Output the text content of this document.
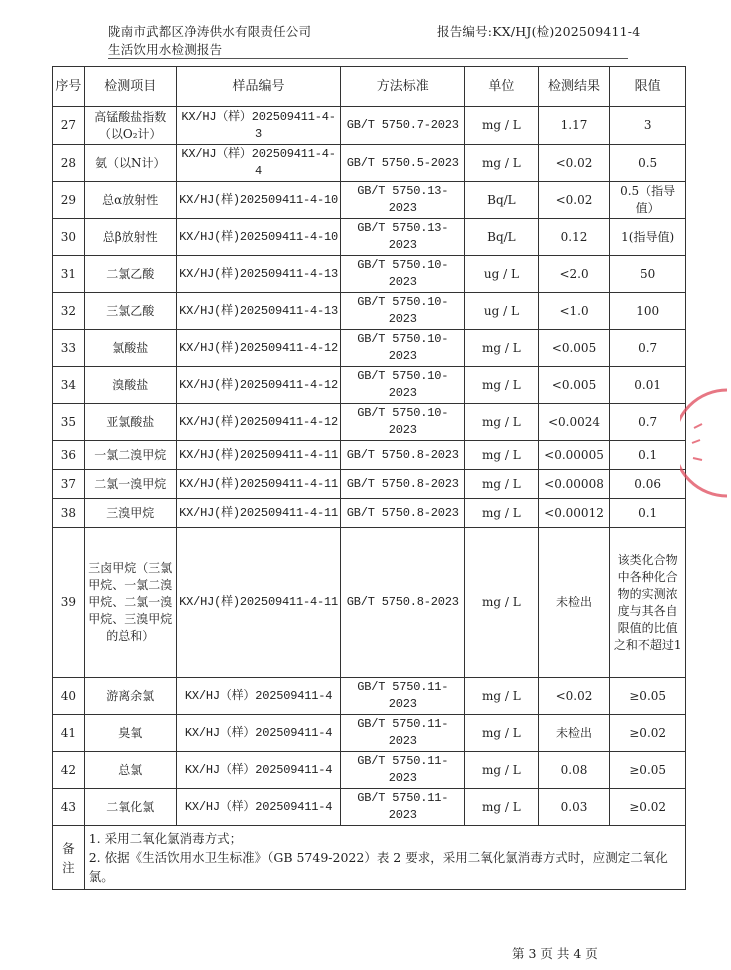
陇南市武都区净涛供水有限责任公司
生活饮用水检测报告
报告编号:KX/HJ(检)202509411-4
序号	检测项目	样品编号	方法标准	单位	检测结果	限值
27	高锰酸盐指数（以O₂计）	KX/HJ（样）202509411-4-3	GB/T 5750.7-2023	mg / L	1.17	3
28	氨（以N计）	KX/HJ（样）202509411-4-4	GB/T 5750.5-2023	mg / L	<0.02	0.5
29	总α放射性	KX/HJ(样)202509411-4-10	GB/T 5750.13-2023	Bq/L	<0.02	0.5（指导值）
30	总β放射性	KX/HJ(样)202509411-4-10	GB/T 5750.13-2023	Bq/L	0.12	1(指导值)
31	二氯乙酸	KX/HJ(样)202509411-4-13	GB/T 5750.10-2023	ug / L	<2.0	50
32	三氯乙酸	KX/HJ(样)202509411-4-13	GB/T 5750.10-2023	ug / L	<1.0	100
33	氯酸盐	KX/HJ(样)202509411-4-12	GB/T 5750.10-2023	mg / L	<0.005	0.7
34	溴酸盐	KX/HJ(样)202509411-4-12	GB/T 5750.10-2023	mg / L	<0.005	0.01
35	亚氯酸盐	KX/HJ(样)202509411-4-12	GB/T 5750.10-2023	mg / L	<0.0024	0.7
36	一氯二溴甲烷	KX/HJ(样)202509411-4-11	GB/T 5750.8-2023	mg / L	<0.00005	0.1
37	二氯一溴甲烷	KX/HJ(样)202509411-4-11	GB/T 5750.8-2023	mg / L	<0.00008	0.06
38	三溴甲烷	KX/HJ(样)202509411-4-11	GB/T 5750.8-2023	mg / L	<0.00012	0.1
39	三卤甲烷（三氯甲烷、一氯二溴甲烷、二氯一溴甲烷、三溴甲烷的总和）	KX/HJ(样)202509411-4-11	GB/T 5750.8-2023	mg / L	未检出	该类化合物中各种化合物的实测浓度与其各自限值的比值之和不超过1
40	游离余氯	KX/HJ（样）202509411-4	GB/T 5750.11-2023	mg / L	<0.02	≥0.05
41	臭氧	KX/HJ（样）202509411-4	GB/T 5750.11-2023	mg / L	未检出	≥0.02
42	总氯	KX/HJ（样）202509411-4	GB/T 5750.11-2023	mg / L	0.08	≥0.05
43	二氧化氯	KX/HJ（样）202509411-4	GB/T 5750.11-2023	mg / L	0.03	≥0.02
备注	1. 采用二氧化氯消毒方式；
2. 依据《生活饮用水卫生标准》（GB 5749-2022）表 2 要求，采用二氧化氯消毒方式时，应测定二氧化氯。					
第 3 页 共 4 页
